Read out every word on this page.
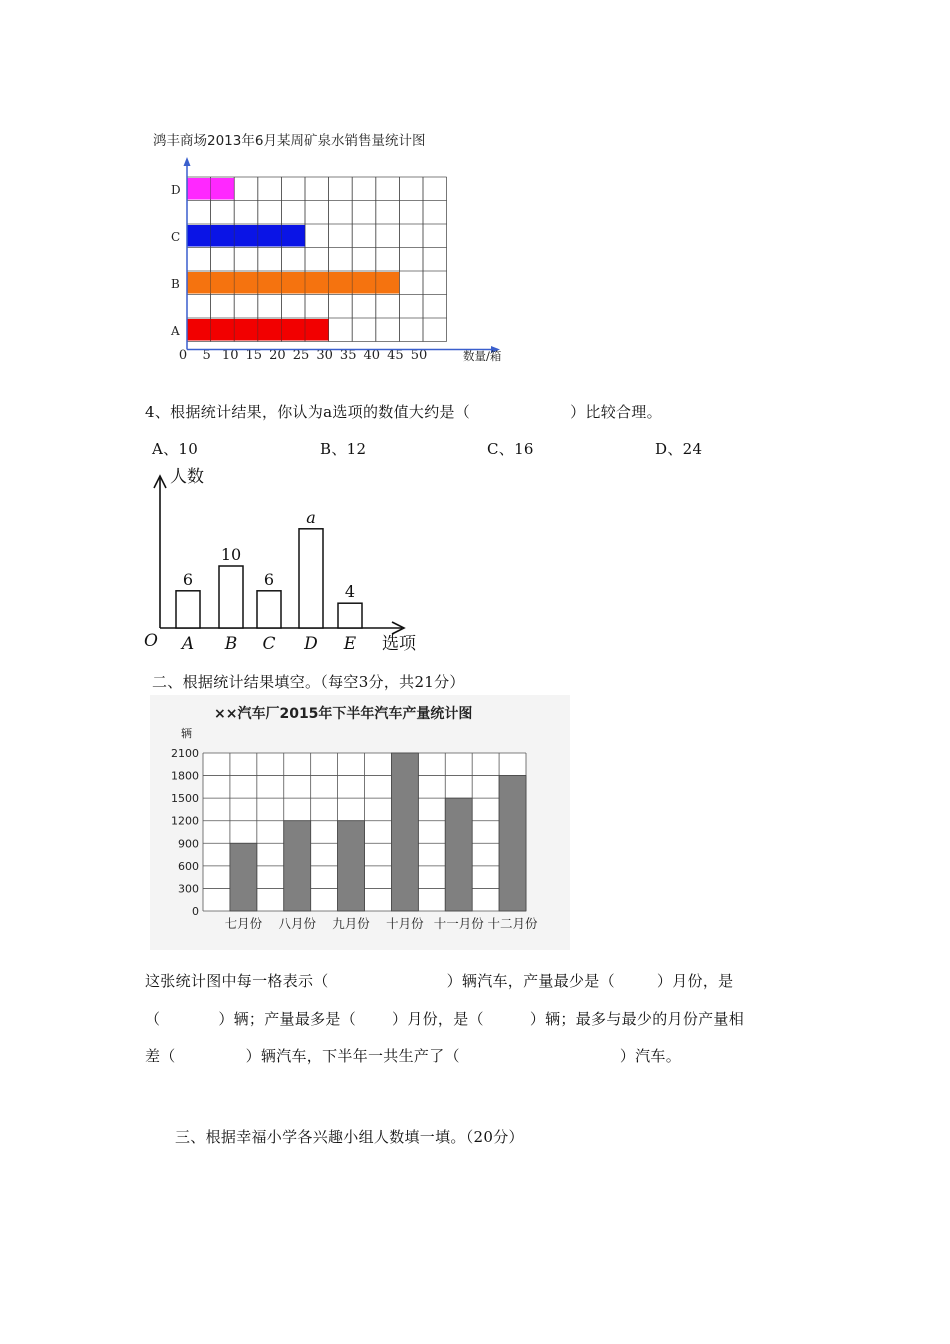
鸿丰商场2013年6月某周矿泉水销售量统计图
A
B
C
D
0 5 10 15 20 25 30 35 40 45 50	数量/箱
4、根据统计结果，你认为a选项的数值大约是（	）比较合理。
A、10	B、12	C、16	D、24
6
10
6
a
4
A B C D E
人数
O	选项
二、根据统计结果填空。（每空3分，共21分）
××汽车厂2015年下半年汽车产量统计图
辆
0
300
600
900
1200
1500
1800
2100
七月份 八月份 九月份 十月份 十一月份 十二月份
这张统计图中每一格表示（	）辆汽车，产量最少是（	）月份，是
（	）辆；产量最多是（ ）月份，是（	）辆；最多与最少的月份产量相
差（	）辆汽车，下半年一共生产了（	）汽车。
三、根据幸福小学各兴趣小组人数填一填。（20分）
